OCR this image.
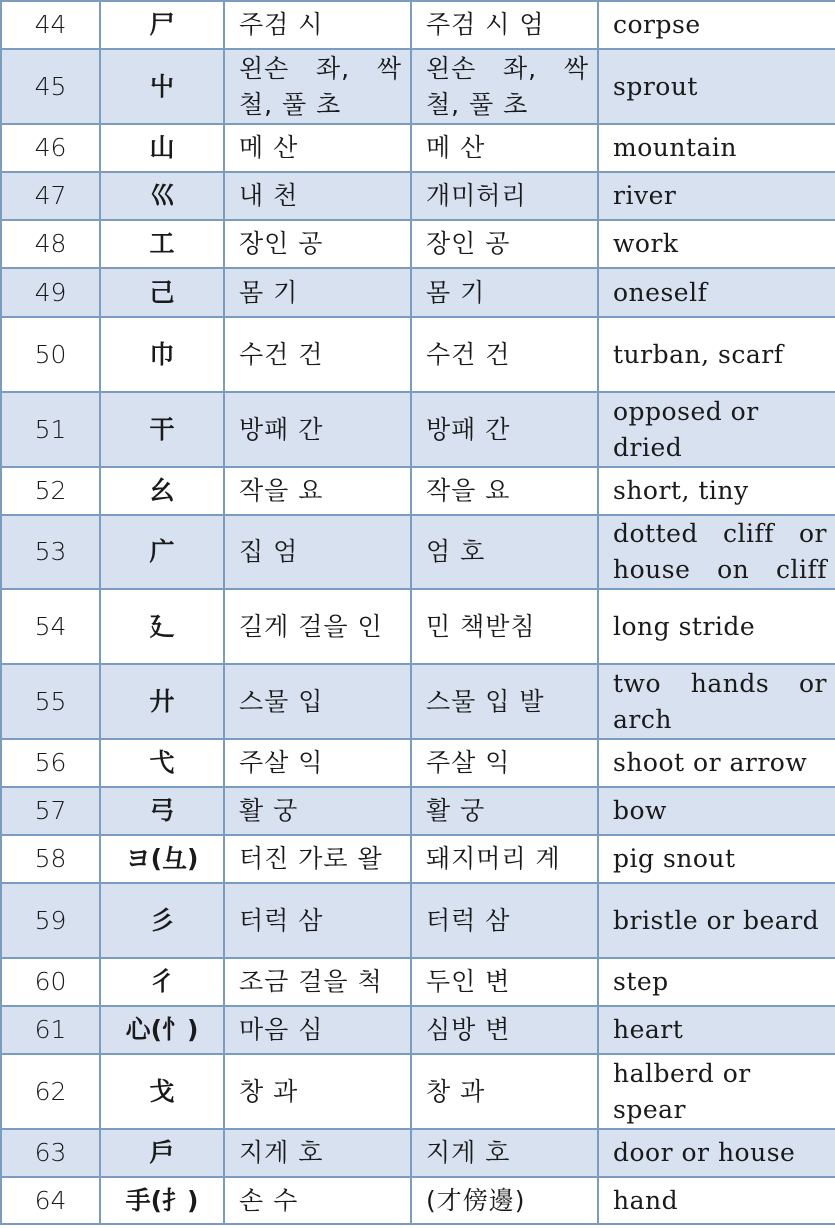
44	尸	주검 시	주검 시 엄	corpse
45	屮	왼손 좌, 싹 철, 풀 초	왼손 좌, 싹 철, 풀 초	sprout
46	山	메 산	메 산	mountain
47	巛	내 천	개미허리	river
48	工	장인 공	장인 공	work
49	己	몸 기	몸 기	oneself
50	巾	수건 건	수건 건	turban, scarf
51	干	방패 간	방패 간	opposed or dried
52	幺	작을 요	작을 요	short, tiny
53	广	집 엄	엄 호	dotted cliff or house on cliff
54	廴	길게 걸을 인	민 책받침	long stride
55	廾	스물 입	스물 입 발	two hands or arch
56	弋	주살 익	주살 익	shoot or arrow
57	弓	활 궁	활 궁	bow
58	ヨ(彑)	터진 가로 왈	돼지머리 계	pig snout
59	彡	터럭 삼	터럭 삼	bristle or beard
60	彳	조금 걸을 척	두인 변	step
61	心(忄)	마음 심	심방 변	heart
62	戈	창 과	창 과	halberd or spear
63	戶	지게 호	지게 호	door or house
64	手(扌)	손 수	(才傍邊)	hand
